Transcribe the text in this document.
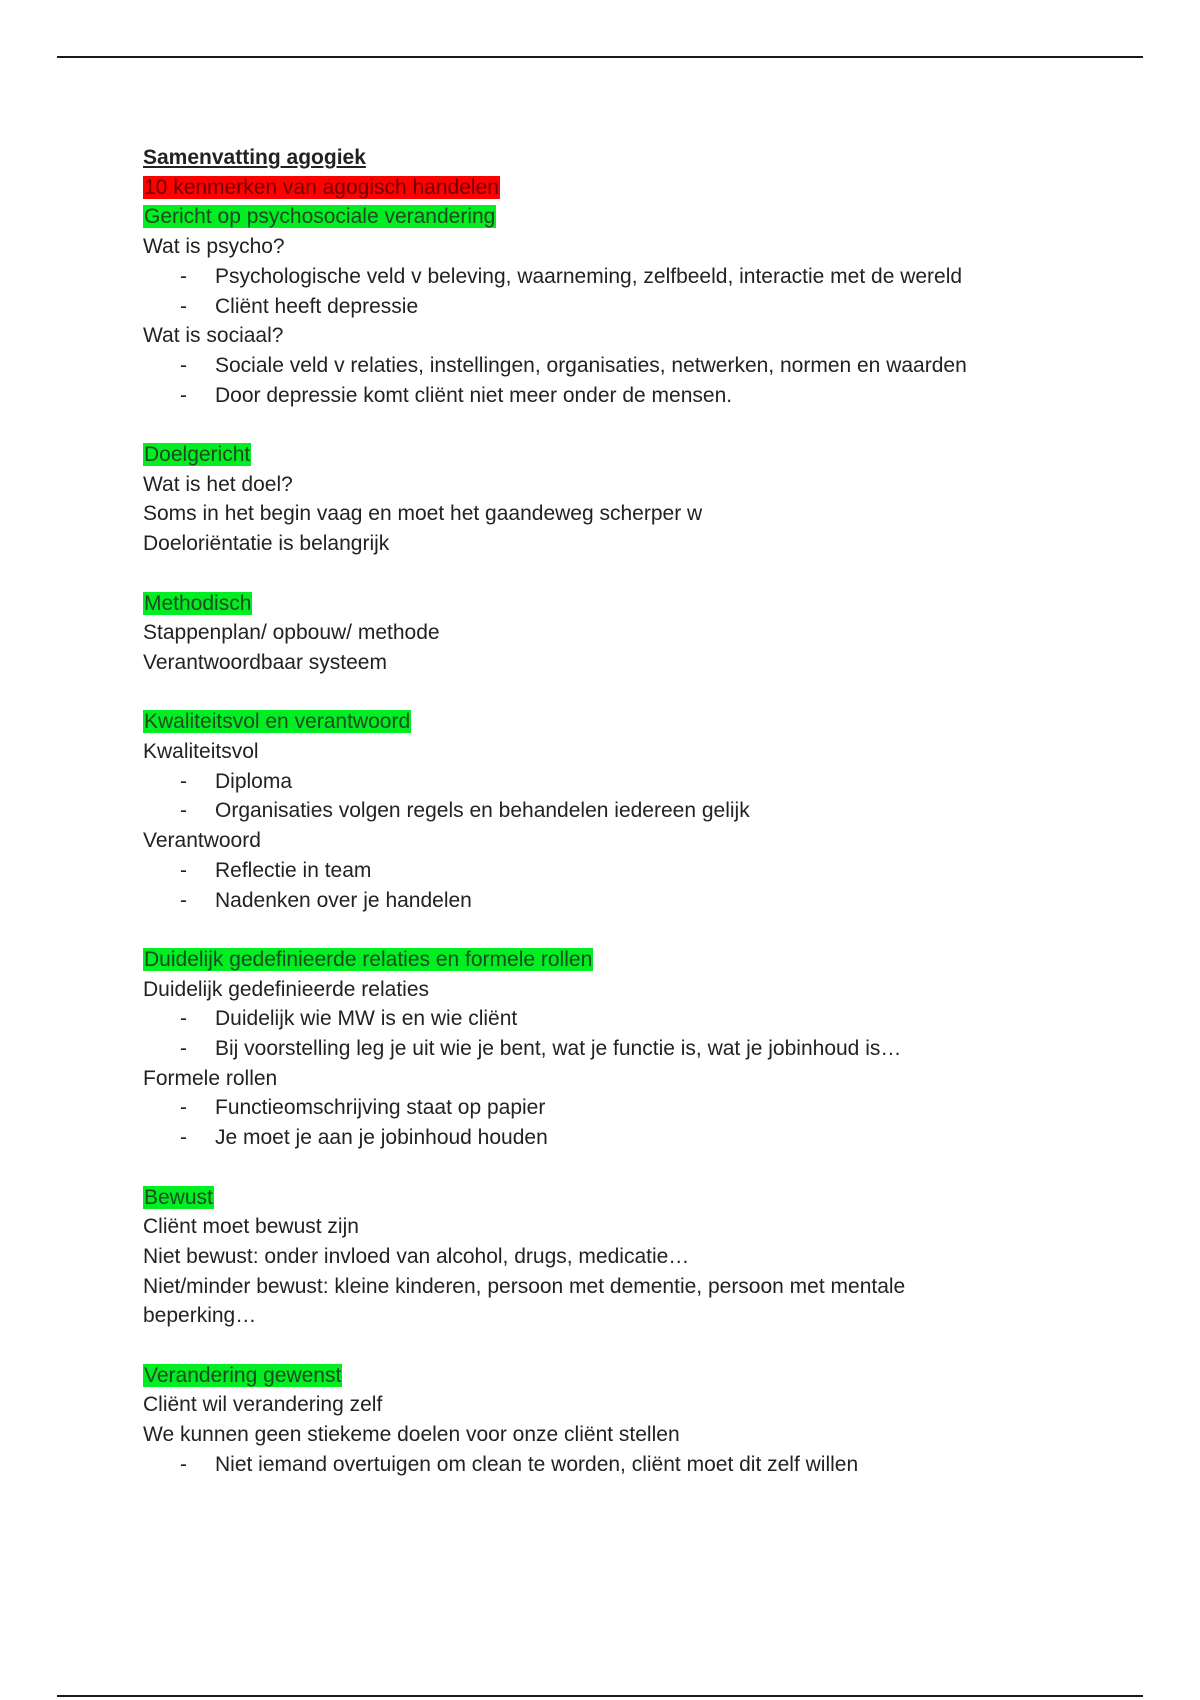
Samenvatting agogiek

10 kenmerken van agogisch handelen

Gericht op psychosociale verandering

Wat is psycho?

- Psychologische veld v beleving, waarneming, zelfbeeld, interactie met de wereld

- Cliënt heeft depressie

Wat is sociaal?

- Sociale veld v relaties, instellingen, organisaties, netwerken, normen en waarden

- Door depressie komt cliënt niet meer onder de mensen.

Doelgericht

Wat is het doel?

Soms in het begin vaag en moet het gaandeweg scherper w

Doeloriëntatie is belangrijk

Methodisch

Stappenplan/ opbouw/ methode

Verantwoordbaar systeem

Kwaliteitsvol en verantwoord

Kwaliteitsvol

- Diploma

- Organisaties volgen regels en behandelen iedereen gelijk

Verantwoord

- Reflectie in team

- Nadenken over je handelen

Duidelijk gedefinieerde relaties en formele rollen

Duidelijk gedefinieerde relaties

- Duidelijk wie MW is en wie cliënt

- Bij voorstelling leg je uit wie je bent, wat je functie is, wat je jobinhoud is…

Formele rollen

- Functieomschrijving staat op papier

- Je moet je aan je jobinhoud houden

Bewust

Cliënt moet bewust zijn

Niet bewust: onder invloed van alcohol, drugs, medicatie…

Niet/minder bewust: kleine kinderen, persoon met dementie, persoon met mentale

beperking…

Verandering gewenst

Cliënt wil verandering zelf

We kunnen geen stiekeme doelen voor onze cliënt stellen

- Niet iemand overtuigen om clean te worden, cliënt moet dit zelf willen
